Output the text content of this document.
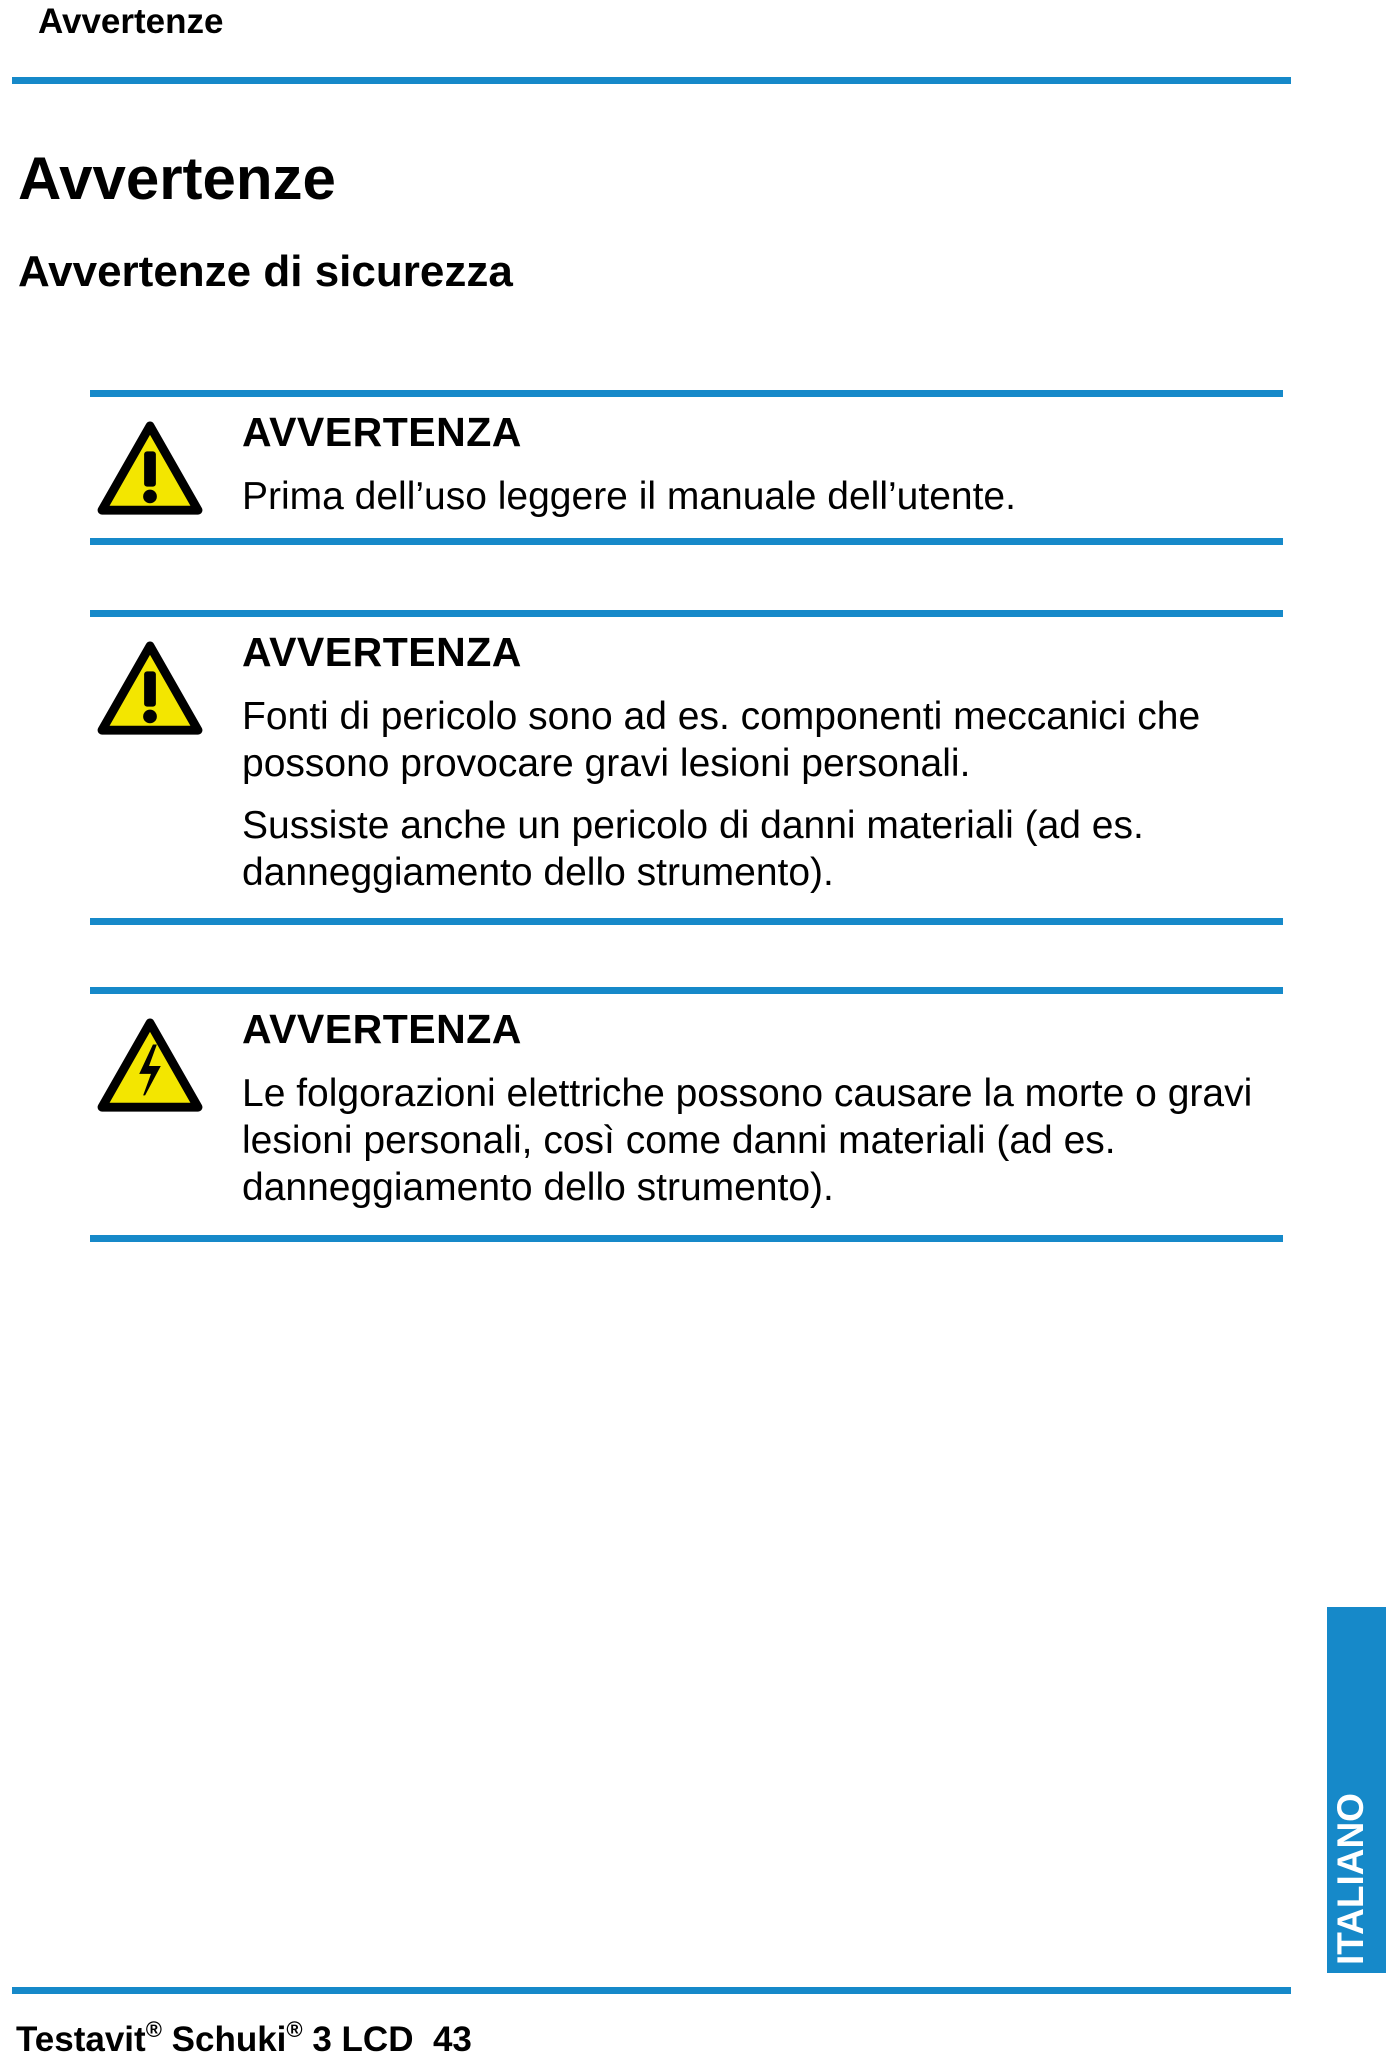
Avvertenze
Avvertenze
Avvertenze di sicurezza
AVVERTENZA

Prima dell’uso leggere il manuale dell’utente.

AVVERTENZA

Fonti di pericolo sono ad es. componenti meccanici che possono provocare gravi lesioni personali.

Sussiste anche un pericolo di danni materiali (ad es. danneggiamento dello strumento).

AVVERTENZA

Le folgorazioni elettriche possono causare la morte o gravi lesioni personali, così come danni materiali (ad es. danneggiamento dello strumento).

ITALIANO
Testavit® Schuki® 3 LCD 43
